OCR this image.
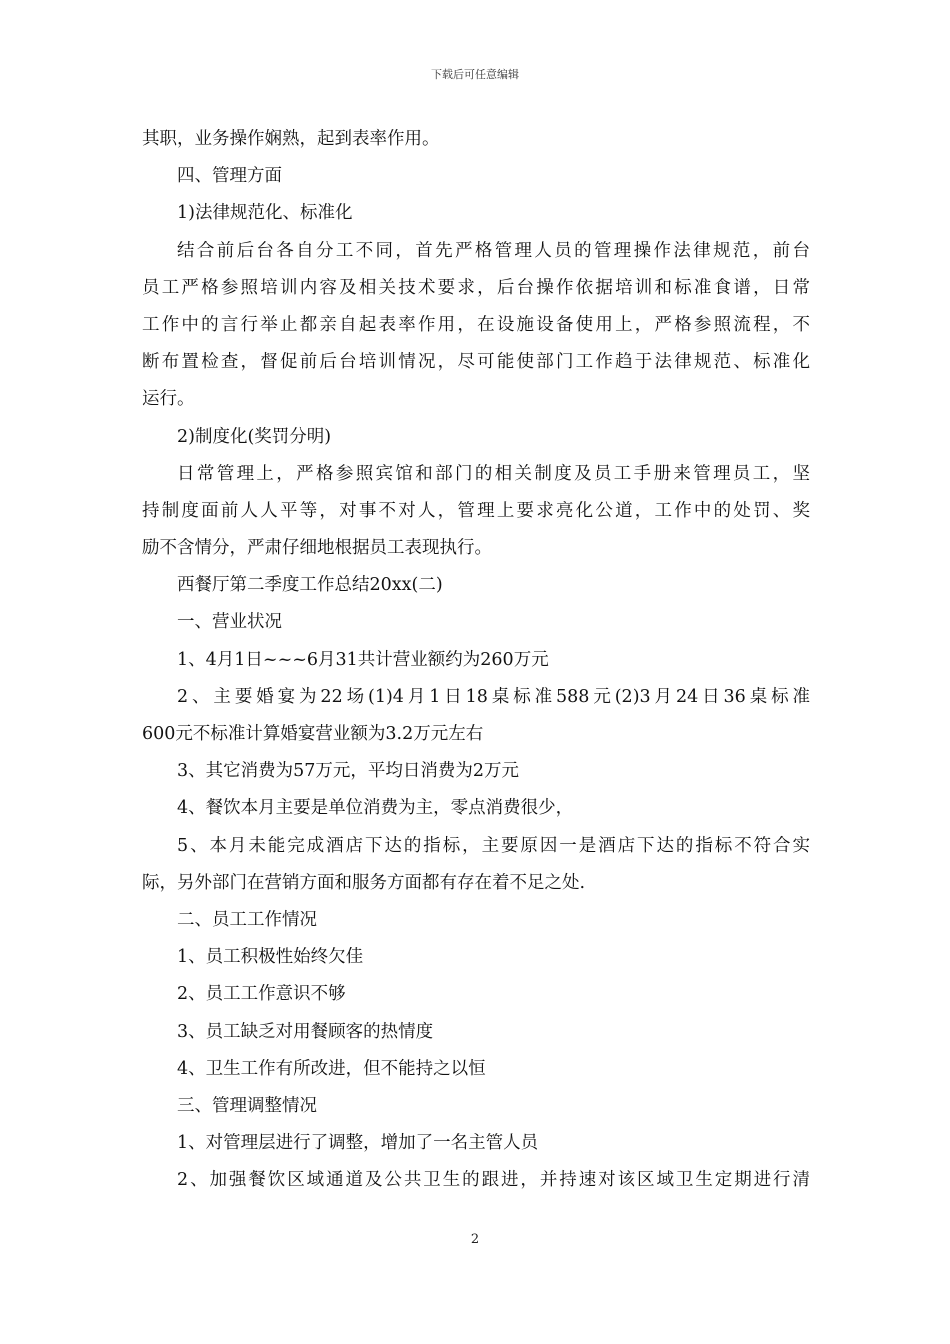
下载后可任意编辑
其职，业务操作娴熟，起到表率作用。
四、管理方面
1)法律规范化、标准化
结合前后台各自分工不同，首先严格管理人员的管理操作法律规范，前台
员工严格参照培训内容及相关技术要求，后台操作依据培训和标准食谱，日常
工作中的言行举止都亲自起表率作用，在设施设备使用上，严格参照流程，不
断布置检查，督促前后台培训情况，尽可能使部门工作趋于法律规范、标准化
运行。
2)制度化(奖罚分明)
日常管理上，严格参照宾馆和部门的相关制度及员工手册来管理员工，坚
持制度面前人人平等，对事不对人，管理上要求亮化公道，工作中的处罚、奖
励不含情分，严肃仔细地根据员工表现执行。
西餐厅第二季度工作总结20xx(二)
一、营业状况
1、4月1日~~~6月31共计营业额约为260万元
2、主要婚宴为22场(1)4月1日18桌标准588元(2)3月24日36桌标准
600元不标准计算婚宴营业额为3.2万元左右
3、其它消费为57万元，平均日消费为2万元
4、餐饮本月主要是单位消费为主，零点消费很少，
5、本月未能完成酒店下达的指标，主要原因一是酒店下达的指标不符合实
际，另外部门在营销方面和服务方面都有存在着不足之处.
二、员工工作情况
1、员工积极性始终欠佳
2、员工工作意识不够
3、员工缺乏对用餐顾客的热情度
4、卫生工作有所改进，但不能持之以恒
三、管理调整情况
1、对管理层进行了调整，增加了一名主管人员
2、加强餐饮区域通道及公共卫生的跟进，并持速对该区域卫生定期进行清
2
